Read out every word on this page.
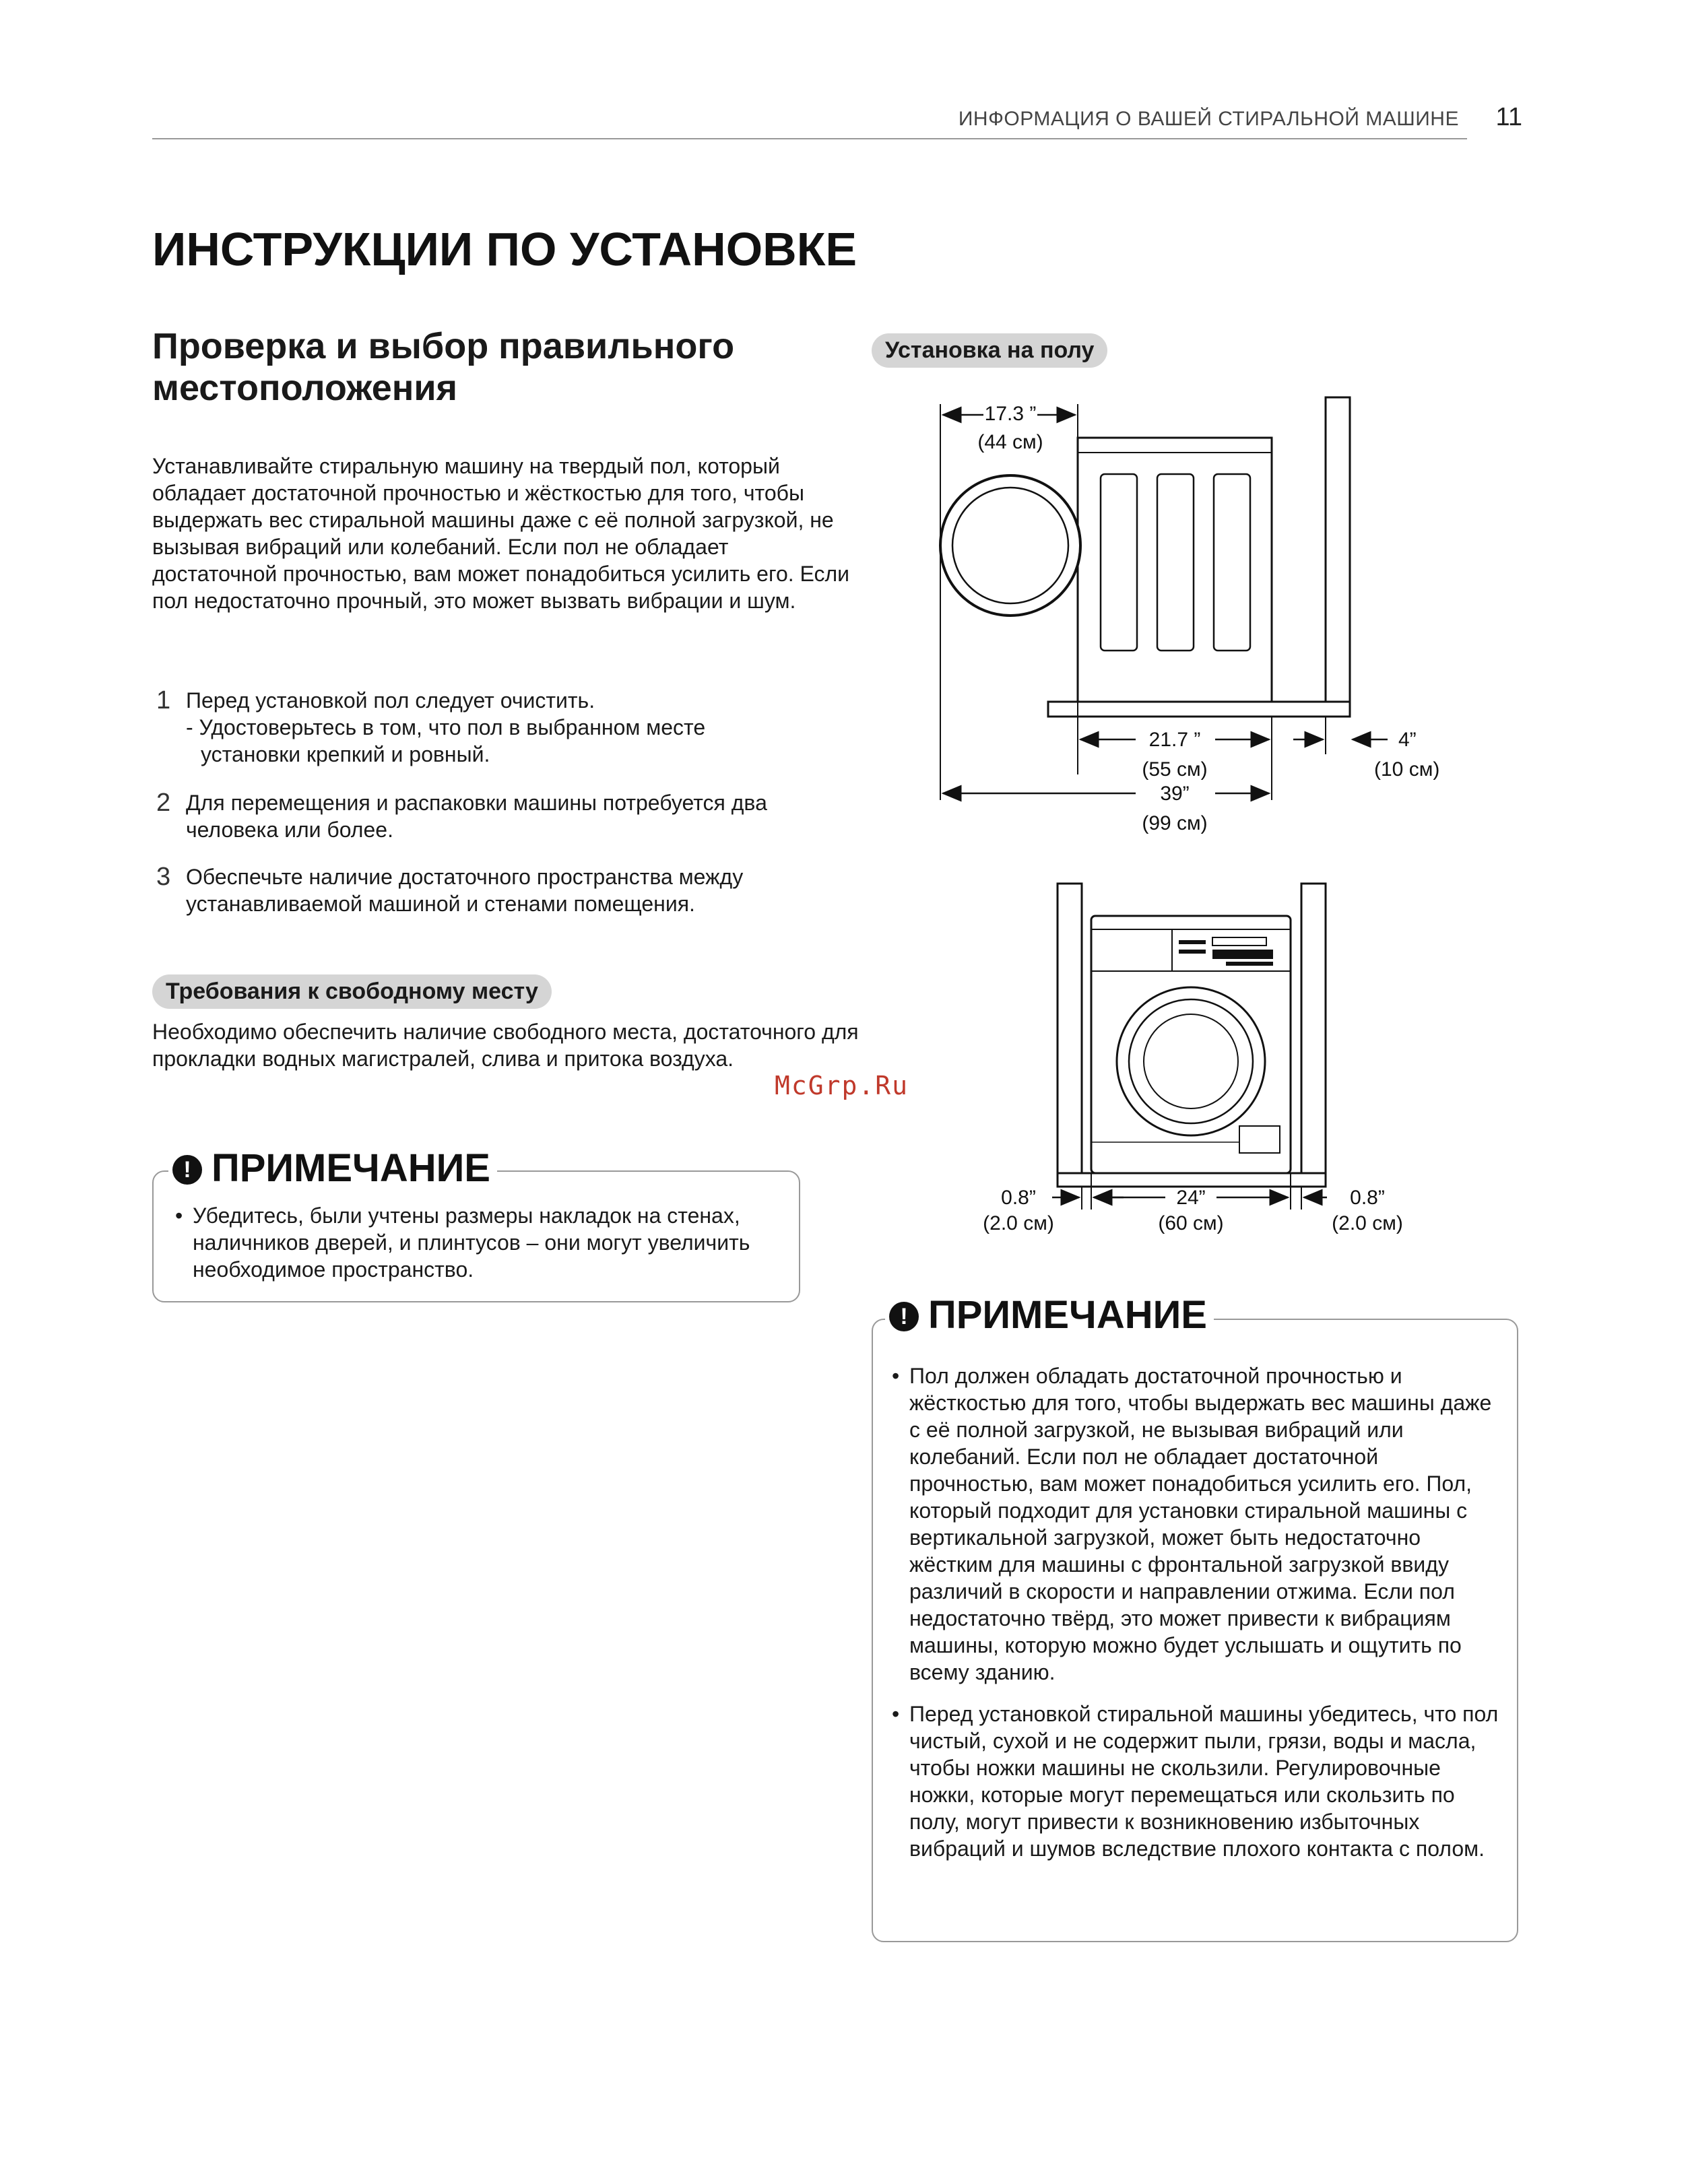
ИНФОРМАЦИЯ О ВАШЕЙ СТИРАЛЬНОЙ МАШИНЕ 11
ИНСТРУКЦИИ ПО УСТАНОВКЕ
Проверка и выбор правильного местоположения
Устанавливайте стиральную машину на твердый пол, который обладает достаточной прочностью и жёсткостью для того, чтобы выдержать вес стиральной машины даже с её полной загрузкой, не вызывая вибраций или колебаний. Если пол не обладает достаточной прочностью, вам может понадобиться усилить его. Если пол недостаточно прочный, это может вызвать вибрации и шум.
1 Перед установкой пол следует очистить.
- Удостоверьтесь в том, что пол в выбранном месте
установки крепкий и ровный.
2 Для перемещения и распаковки машины потребуется два человека или более.
3 Обеспечьте наличие достаточного пространства между устанавливаемой машиной и стенами помещения.
Требования к свободному месту
Необходимо обеспечить наличие свободного места, достаточного для прокладки водных магистралей, слива и притока воздуха.
McGrp.Ru
! ПРИМЕЧАНИЕ
• Убедитесь, были учтены размеры накладок на стенах, наличников дверей, и плинтусов – они могут увеличить необходимое пространство.
Установка на полу
17.3 ”
(44 см)
21.7 ”
(55 см)
4”
(10 см)
39”
(99 см)
0.8”
(2.0 см)
24”
(60 см)
0.8”
(2.0 см)
! ПРИМЕЧАНИЕ
• Пол должен обладать достаточной прочностью и жёсткостью для того, чтобы выдержать вес машины даже с её полной загрузкой, не вызывая вибраций или колебаний. Если пол не обладает достаточной прочностью, вам может понадобиться усилить его. Пол, который подходит для установки стиральной машины с вертикальной загрузкой, может быть недостаточно жёстким для машины с фронтальной загрузкой ввиду различий в скорости и направлении отжима. Если пол недостаточно твёрд, это может привести к вибрациям машины, которую можно будет услышать и ощутить по всему зданию.
• Перед установкой стиральной машины убедитесь, что пол чистый, сухой и не содержит пыли, грязи, воды и масла, чтобы ножки машины не скользили. Регулировочные ножки, которые могут перемещаться или скользить по полу, могут привести к возникновению избыточных вибраций и шумов вследствие плохого контакта с полом.
